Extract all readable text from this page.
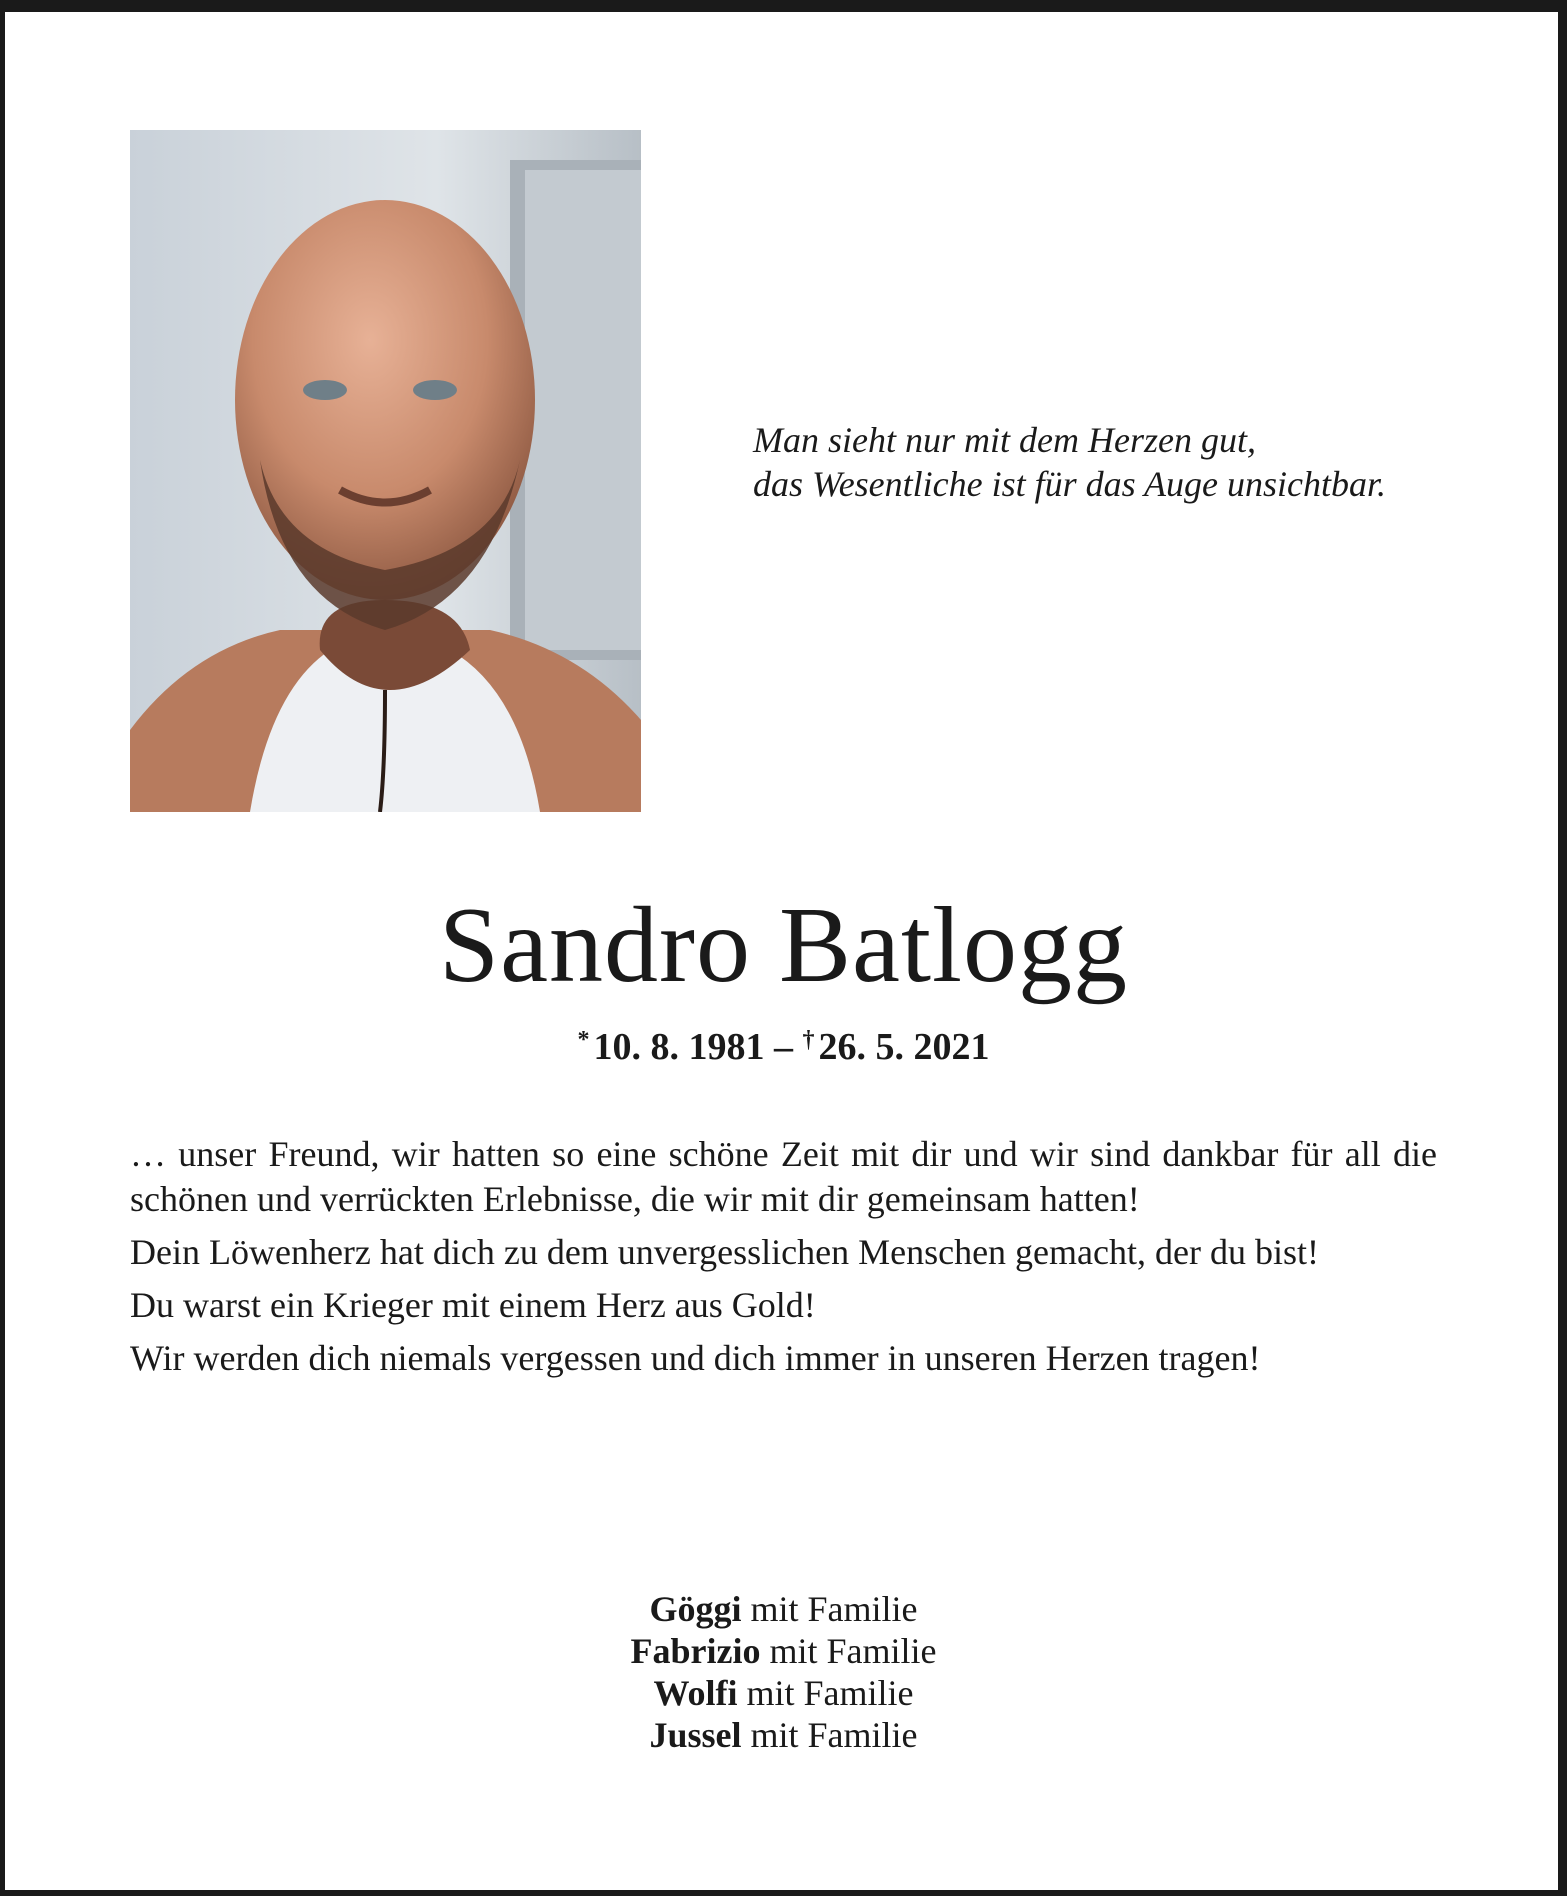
Man sieht nur mit dem Herzen gut,
das Wesentliche ist für das Auge unsichtbar.
Sandro Batlogg
* 10. 8. 1981 – † 26. 5. 2021

… unser Freund, wir hatten so eine schöne Zeit mit dir und wir sind dankbar für all die schönen und verrückten Erlebnisse, die wir mit dir gemeinsam hatten!

Dein Löwenherz hat dich zu dem unvergesslichen Menschen gemacht, der du bist!

Du warst ein Krieger mit einem Herz aus Gold!

Wir werden dich niemals vergessen und dich immer in unseren Herzen tragen!

Göggi mit Familie
Fabrizio mit Familie
Wolfi mit Familie
Jussel mit Familie
